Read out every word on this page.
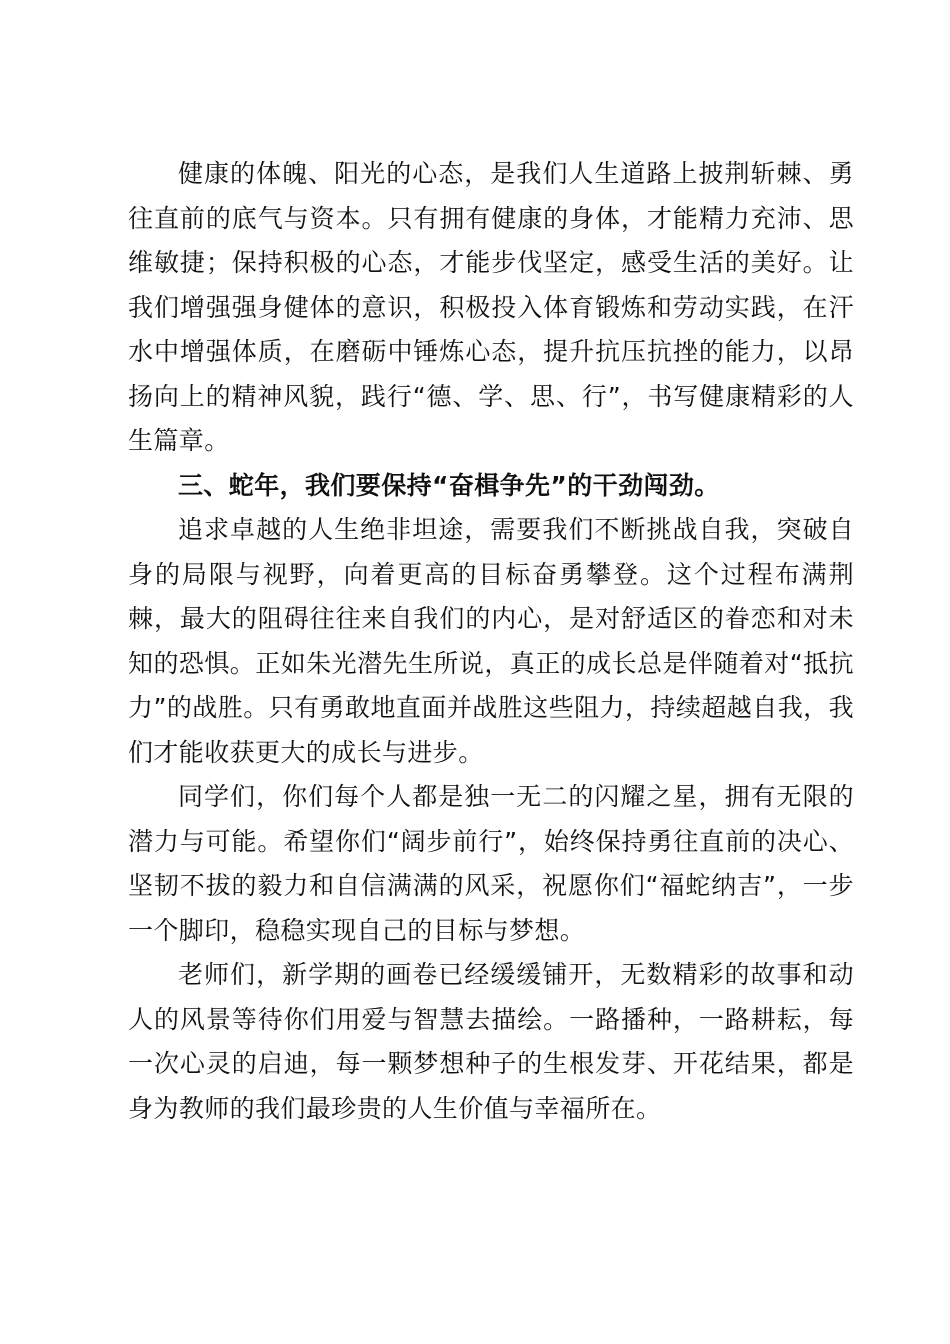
健康的体魄、阳光的心态，是我们人生道路上披荆斩棘、勇往直前的底气与资本。只有拥有健康的身体，才能精力充沛、思维敏捷；保持积极的心态，才能步伐坚定，感受生活的美好。让我们增强强身健体的意识，积极投入体育锻炼和劳动实践，在汗水中增强体质，在磨砺中锤炼心态，提升抗压抗挫的能力，以昂扬向上的精神风貌，践行“德、学、思、行”，书写健康精彩的人生篇章。

三、蛇年，我们要保持“奋楫争先”的干劲闯劲。

追求卓越的人生绝非坦途，需要我们不断挑战自我，突破自身的局限与视野，向着更高的目标奋勇攀登。这个过程布满荆棘，最大的阻碍往往来自我们的内心，是对舒适区的眷恋和对未知的恐惧。正如朱光潜先生所说，真正的成长总是伴随着对“抵抗力”的战胜。只有勇敢地直面并战胜这些阻力，持续超越自我，我们才能收获更大的成长与进步。

同学们，你们每个人都是独一无二的闪耀之星，拥有无限的潜力与可能。希望你们“阔步前行”，始终保持勇往直前的决心、坚韧不拔的毅力和自信满满的风采，祝愿你们“福蛇纳吉”，一步一个脚印，稳稳实现自己的目标与梦想。

老师们，新学期的画卷已经缓缓铺开，无数精彩的故事和动人的风景等待你们用爱与智慧去描绘。一路播种，一路耕耘，每一次心灵的启迪，每一颗梦想种子的生根发芽、开花结果，都是身为教师的我们最珍贵的人生价值与幸福所在。
